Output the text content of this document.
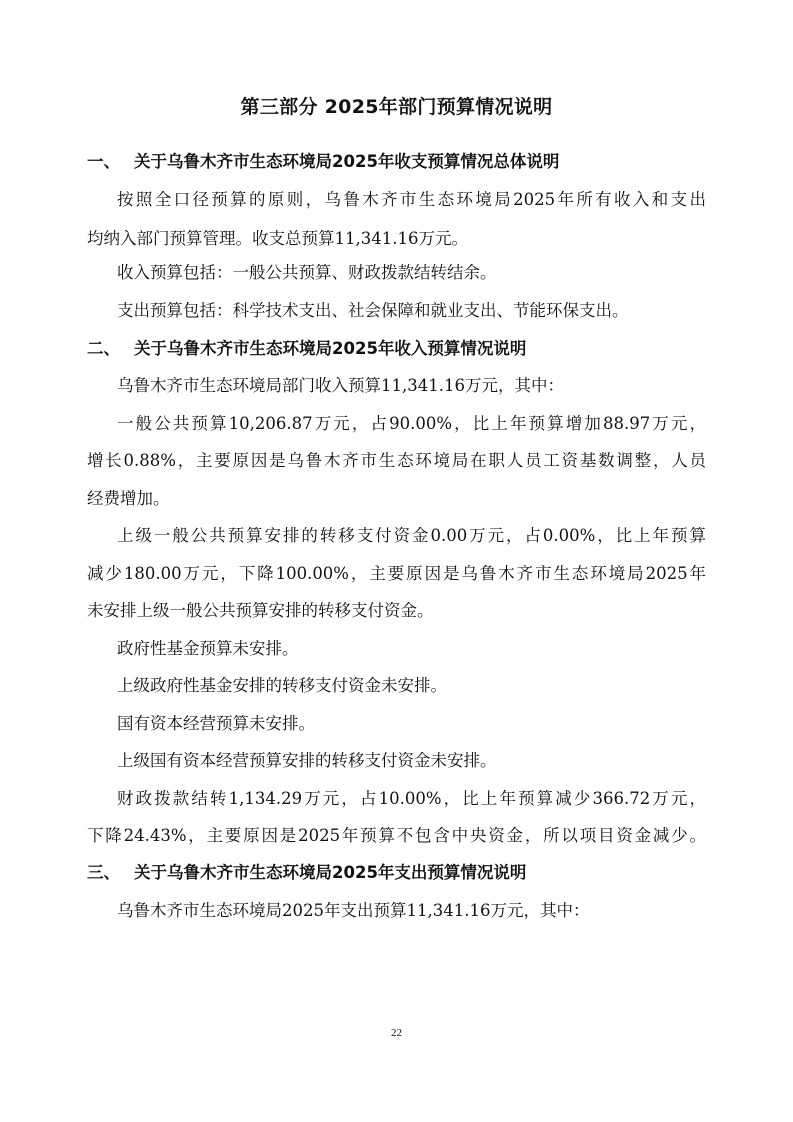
第三部分 2025年部门预算情况说明
一、 关于乌鲁木齐市生态环境局2025年收支预算情况总体说明
按照全口径预算的原则，乌鲁木齐市生态环境局2025年所有收入和支出
均纳入部门预算管理。收支总预算11,341.16万元。
收入预算包括：一般公共预算、财政拨款结转结余。
支出预算包括：科学技术支出、社会保障和就业支出、节能环保支出。
二、 关于乌鲁木齐市生态环境局2025年收入预算情况说明
乌鲁木齐市生态环境局部门收入预算11,341.16万元，其中：
一般公共预算10,206.87万元，占90.00%，比上年预算增加88.97万元，
增长0.88%，主要原因是乌鲁木齐市生态环境局在职人员工资基数调整，人员
经费增加。
上级一般公共预算安排的转移支付资金0.00万元，占0.00%，比上年预算
减少180.00万元，下降100.00%，主要原因是乌鲁木齐市生态环境局2025年
未安排上级一般公共预算安排的转移支付资金。
政府性基金预算未安排。
上级政府性基金安排的转移支付资金未安排。
国有资本经营预算未安排。
上级国有资本经营预算安排的转移支付资金未安排。
财政拨款结转1,134.29万元，占10.00%，比上年预算减少366.72万元，
下降24.43%，主要原因是2025年预算不包含中央资金，所以项目资金减少。
三、 关于乌鲁木齐市生态环境局2025年支出预算情况说明
乌鲁木齐市生态环境局2025年支出预算11,341.16万元，其中：
22
